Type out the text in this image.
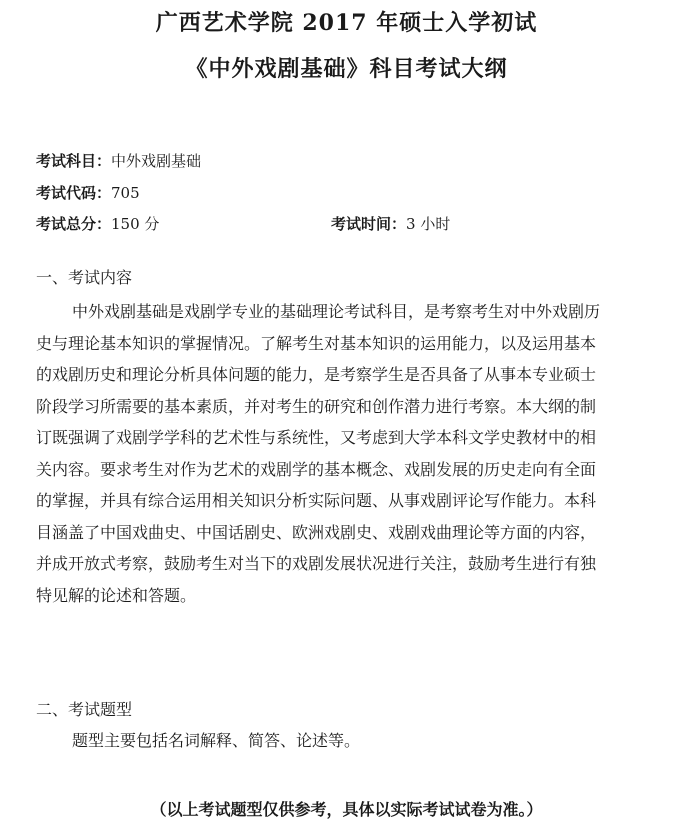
广西艺术学院 2017 年硕士入学初试
《中外戏剧基础》科目考试大纲
考试科目：中外戏剧基础
考试代码：705
考试总分：150 分	考试时间：3 小时
一、考试内容
中外戏剧基础是戏剧学专业的基础理论考试科目，是考察考生对中外戏剧历
史与理论基本知识的掌握情况。了解考生对基本知识的运用能力，以及运用基本
的戏剧历史和理论分析具体问题的能力，是考察学生是否具备了从事本专业硕士
阶段学习所需要的基本素质，并对考生的研究和创作潜力进行考察。本大纲的制
订既强调了戏剧学学科的艺术性与系统性，又考虑到大学本科文学史教材中的相
关内容。要求考生对作为艺术的戏剧学的基本概念、戏剧发展的历史走向有全面
的掌握，并具有综合运用相关知识分析实际问题、从事戏剧评论写作能力。本科
目涵盖了中国戏曲史、中国话剧史、欧洲戏剧史、戏剧戏曲理论等方面的内容，
并成开放式考察，鼓励考生对当下的戏剧发展状况进行关注，鼓励考生进行有独
特见解的论述和答题。
二、考试题型
题型主要包括名词解释、简答、论述等。
（以上考试题型仅供参考，具体以实际考试试卷为准。）
